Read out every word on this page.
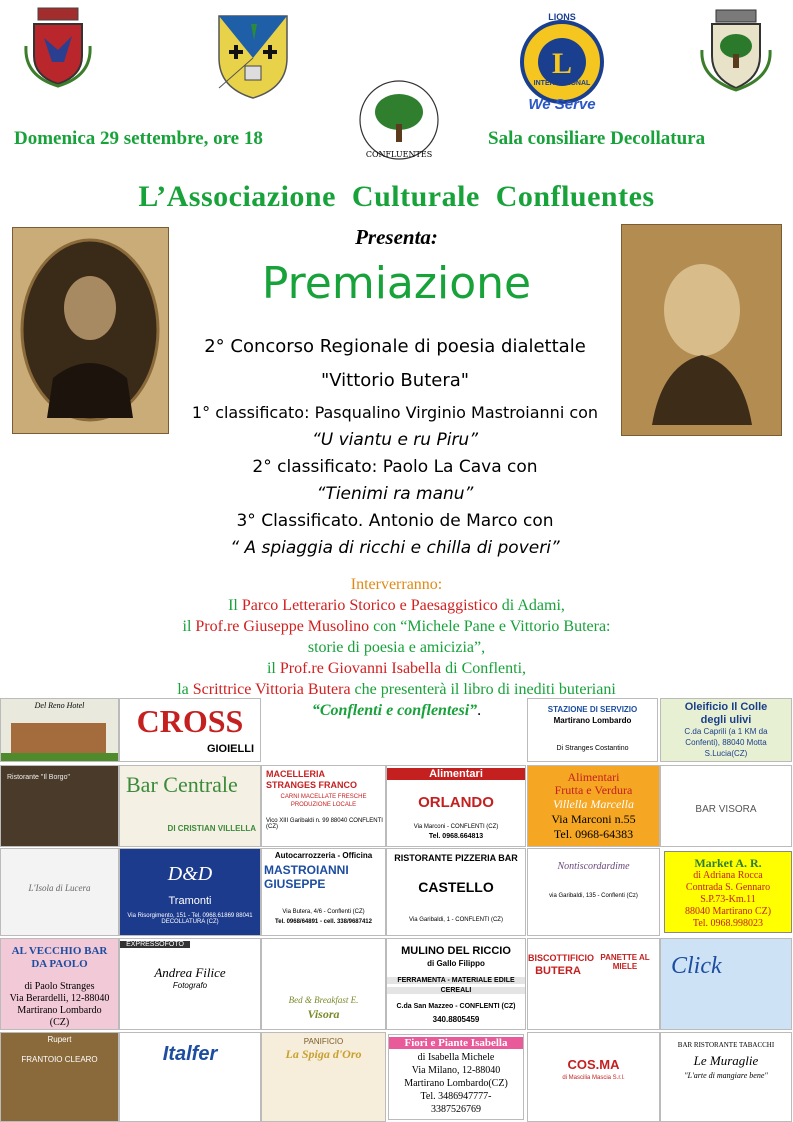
CONFLUENTES
L
LIONS
INTERNATIONAL
We Serve
Domenica 29 settembre, ore 18	Sala consiliare Decollatura
L’Associazione  Culturale  Confluentes
Presenta:
Premiazione
2° Concorso Regionale di poesia dialettale
"Vittorio Butera"
1° classificato: Pasqualino Virginio Mastroianni con
“U viantu e ru Piru”
2° classificato: Paolo La Cava con
“Tienimi ra manu”
3° Classificato. Antonio de Marco con
“ A spiaggia di ricchi e chilla di poveri”
Interverranno:
Il Parco Letterario Storico e Paesaggistico di Adami,
il Prof.re Giuseppe Musolino con “Michele Pane e Vittorio Butera:
storie di poesia e amicizia”,
il Prof.re Giovanni Isabella di Conflenti,
la Scrittrice Vittoria Butera che presenterà il libro di inediti buteriani
“Conflenti e conflentesi”.
Del Reno Hotel	CROSS
GIOIELLI
STAZIONE DI SERVIZIO
Martirano Lombardo
Di Stranges Costantino
Oleificio Il Colle
degli ulivi
C.da Caprili (a 1 KM da
Confenti), 88040 Motta
S.Lucia(CZ)
Ristorante "Il Borgo"	Bar Centrale
DI CRISTIAN VILLELLA
MACELLERIA
STRANGES FRANCO
CARNI MACELLATE FRESCHE
PRODUZIONE LOCALE
Vico XIII Garibaldi n. 99 88040 CONFLENTI (CZ)
Alimentari
ORLANDO
Via Marconi - CONFLENTI (CZ)
Tel. 0968.664813
Alimentari
Frutta e Verdura
Villella Marcella
Via Marconi n.55
Tel. 0968-64383
BAR VISORA
L'Isola di Lucera
D&D
Tramonti
Via Risorgimento, 151 - Tel. 0968.61869 88041 DECOLLATURA (CZ)
Autocarrozzeria - Officina
MASTROIANNI
GIUSEPPE
Via Butera, 4/6 - Conflenti (CZ)
Tel. 0968/64891 - cell. 338/9687412
RISTORANTE PIZZERIA BAR
CASTELLO
Via Garibaldi, 1 - CONFLENTI (CZ)
Nontiscordardime
via Garibaldi, 135 - Conflenti (Cz)
Market A. R.
di Adriana Rocca
Contrada S. Gennaro
S.P.73-Km.11
88040 Martirano CZ)
Tel. 0968.998023
AL VECCHIO BAR
DA PAOLO
di Paolo Stranges
Via Berardelli, 12-88040
Martirano Lombardo
(CZ)
EXPRESSOFOTO
Andrea Filice
Fotografo
Bed & Breakfast E.
Visora
MULINO DEL RICCIO
di Gallo Filippo
FERRAMENTA - MATERIALE EDILE
CEREALI
C.da San Mazzeo - CONFLENTI (CZ)
340.8805459
BISCOTTIFICIO
BUTERA
PANETTE AL MIELE	Click
Rupert
FRANTOIO CLEARO	Italfer
PANIFICIO
La Spiga d'Oro
Fiori e Piante Isabella
di Isabella Michele
Via Milano, 12-88040
Martirano Lombardo(CZ)
Tel. 3486947777-
3387526769
COS.MA
di Mascilia Mascia S.r.l.
BAR RISTORANTE TABACCHI
Le Muraglie
"L'arte di mangiare bene"
